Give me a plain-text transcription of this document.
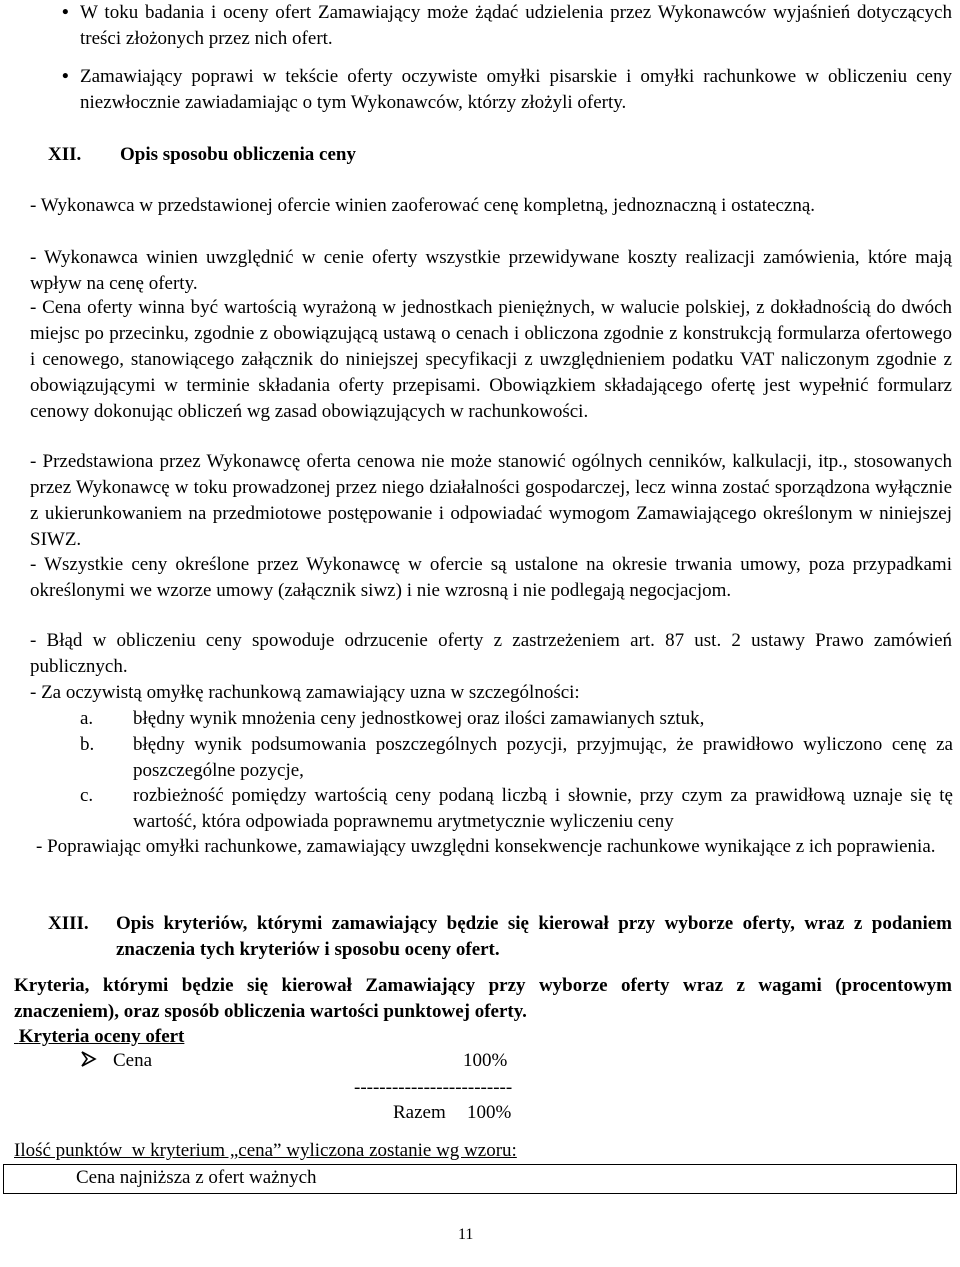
• W toku badania i oceny ofert Zamawiający może żądać udzielenia przez Wykonawców wyjaśnień dotyczących treści złożonych przez nich ofert.
• Zamawiający poprawi w tekście oferty oczywiste omyłki pisarskie i omyłki rachunkowe w obliczeniu ceny niezwłocznie zawiadamiając o tym Wykonawców, którzy złożyli oferty.
XII. Opis sposobu obliczenia ceny
- Wykonawca w przedstawionej ofercie winien zaoferować cenę kompletną, jednoznaczną i ostateczną.
- Wykonawca winien uwzględnić w cenie oferty wszystkie przewidywane koszty realizacji zamówienia, które mają wpływ na cenę oferty.
- Cena oferty winna być wartością wyrażoną w jednostkach pieniężnych, w walucie polskiej, z dokładnością do dwóch miejsc po przecinku, zgodnie z obowiązującą ustawą o cenach i obliczona zgodnie z konstrukcją formularza ofertowego i cenowego, stanowiącego załącznik do niniejszej specyfikacji z uwzględnieniem podatku VAT naliczonym zgodnie z obowiązującymi w terminie składania oferty przepisami. Obowiązkiem składającego ofertę jest wypełnić formularz cenowy dokonując obliczeń wg zasad obowiązujących w rachunkowości.
- Przedstawiona przez Wykonawcę oferta cenowa nie może stanowić ogólnych cenników, kalkulacji, itp., stosowanych przez Wykonawcę w toku prowadzonej przez niego działalności gospodarczej, lecz winna zostać sporządzona wyłącznie z ukierunkowaniem na przedmiotowe postępowanie i odpowiadać wymogom Zamawiającego określonym w niniejszej SIWZ.
- Wszystkie ceny określone przez Wykonawcę w ofercie są ustalone na okresie trwania umowy, poza przypadkami określonymi we wzorze umowy (załącznik siwz) i nie wzrosną i nie podlegają negocjacjom.
- Błąd w obliczeniu ceny spowoduje odrzucenie oferty z zastrzeżeniem art. 87 ust. 2 ustawy Prawo zamówień publicznych.
- Za oczywistą omyłkę rachunkową zamawiający uzna w szczególności:
a. błędny wynik mnożenia ceny jednostkowej oraz ilości zamawianych sztuk,
b. błędny wynik podsumowania poszczególnych pozycji, przyjmując, że prawidłowo wyliczono cenę za poszczególne pozycje,
c. rozbieżność pomiędzy wartością ceny podaną liczbą i słownie, przy czym za prawidłową uznaje się tę wartość, która odpowiada poprawnemu arytmetycznie wyliczeniu ceny
- Poprawiając omyłki rachunkowe, zamawiający uwzględni konsekwencje rachunkowe wynikające z ich poprawienia.
XIII. Opis kryteriów, którymi zamawiający będzie się kierował przy wyborze oferty, wraz z podaniem znaczenia tych kryteriów i sposobu oceny ofert.
Kryteria, którymi będzie się kierował Zamawiający przy wyborze oferty wraz z wagami (procentowym znaczeniem), oraz sposób obliczenia wartości punktowej oferty.
Kryteria oceny ofert
Cena	100%
-------------------------
Razem 100%
Ilość punktów  w kryterium „cena” wyliczona zostanie wg wzoru:
Cena najniższa z ofert ważnych
11
